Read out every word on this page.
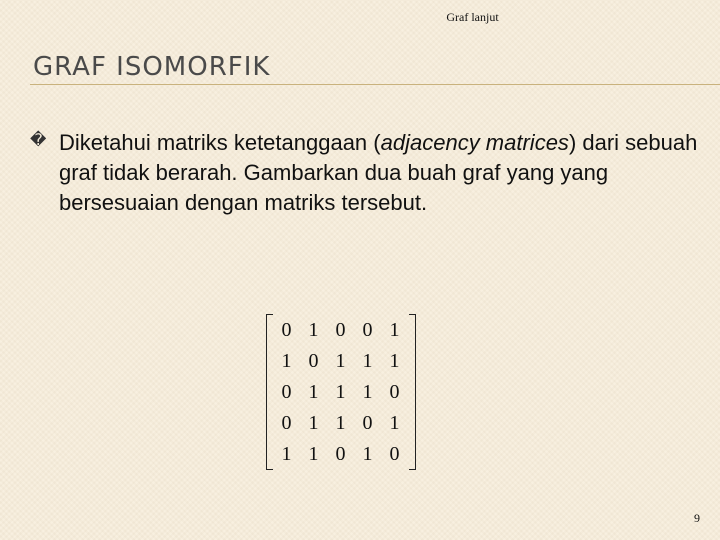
Graf lanjut
GRAF ISOMORFIK
� Diketahui matriks ketetanggaan (adjacency matrices) dari sebuah graf tidak berarah. Gambarkan dua buah graf yang yang bersesuaian dengan matriks tersebut.
0 1 0 0 1
1 0 1 1 1
0 1 1 1 0
0 1 1 0 1
1 1 0 1 0
9
